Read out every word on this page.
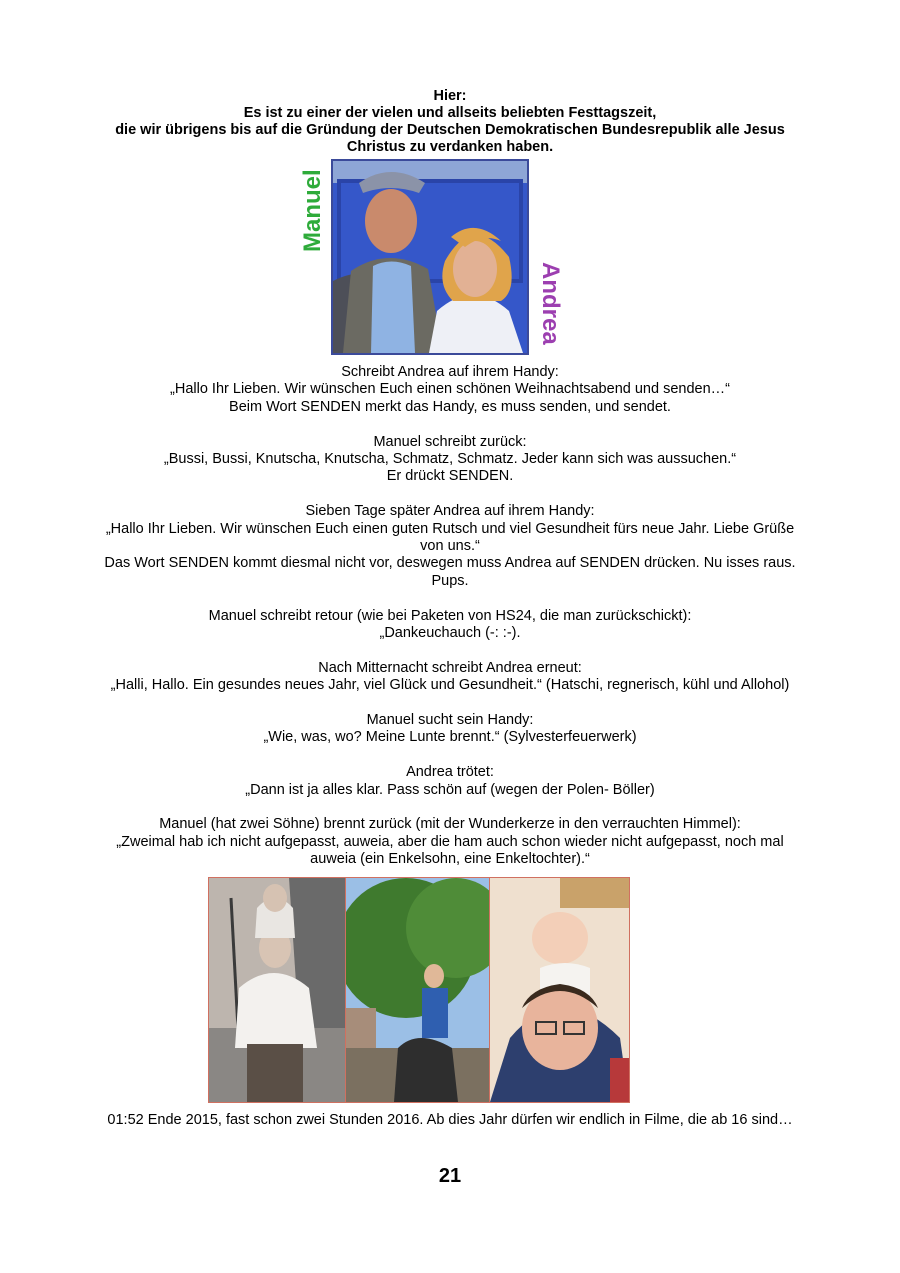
Hier:
Es ist zu einer der vielen und allseits beliebten Festtagszeit,
die wir übrigens bis auf die Gründung der Deutschen Demokratischen Bundesrepublik alle Jesus
Christus zu verdanken haben.
Manuel
Andrea
Schreibt Andrea auf ihrem Handy:
„Hallo Ihr Lieben. Wir wünschen Euch einen schönen Weihnachtsabend und senden…“
Beim Wort SENDEN merkt das Handy, es muss senden, und sendet.
Manuel schreibt zurück:
„Bussi, Bussi, Knutscha, Knutscha, Schmatz, Schmatz. Jeder kann sich was aussuchen.“
Er drückt SENDEN.
Sieben Tage später Andrea auf ihrem Handy:
„Hallo Ihr Lieben. Wir wünschen Euch einen guten Rutsch und viel Gesundheit fürs neue Jahr. Liebe Grüße
von uns.“
Das Wort SENDEN kommt diesmal nicht vor, deswegen muss Andrea auf SENDEN drücken. Nu isses raus.
Pups.
Manuel schreibt retour (wie bei Paketen von HS24, die man zurückschickt):
„Dankeuchauch (-: :-).
Nach Mitternacht schreibt Andrea erneut:
„Halli, Hallo. Ein gesundes neues Jahr, viel Glück und Gesundheit.“ (Hatschi, regnerisch, kühl und Allohol)
Manuel sucht sein Handy:
„Wie, was, wo? Meine Lunte brennt.“ (Sylvesterfeuerwerk)
Andrea trötet:
„Dann ist ja alles klar. Pass schön auf (wegen der Polen- Böller)
Manuel (hat zwei Söhne) brennt zurück (mit der Wunderkerze in den verrauchten Himmel):
„Zweimal hab ich nicht aufgepasst, auweia, aber die ham auch schon wieder nicht aufgepasst, noch mal
auweia (ein Enkelsohn, eine Enkeltochter).“
01:52 Ende 2015, fast schon zwei Stunden 2016. Ab dies Jahr dürfen wir endlich in Filme, die ab 16 sind…
21
